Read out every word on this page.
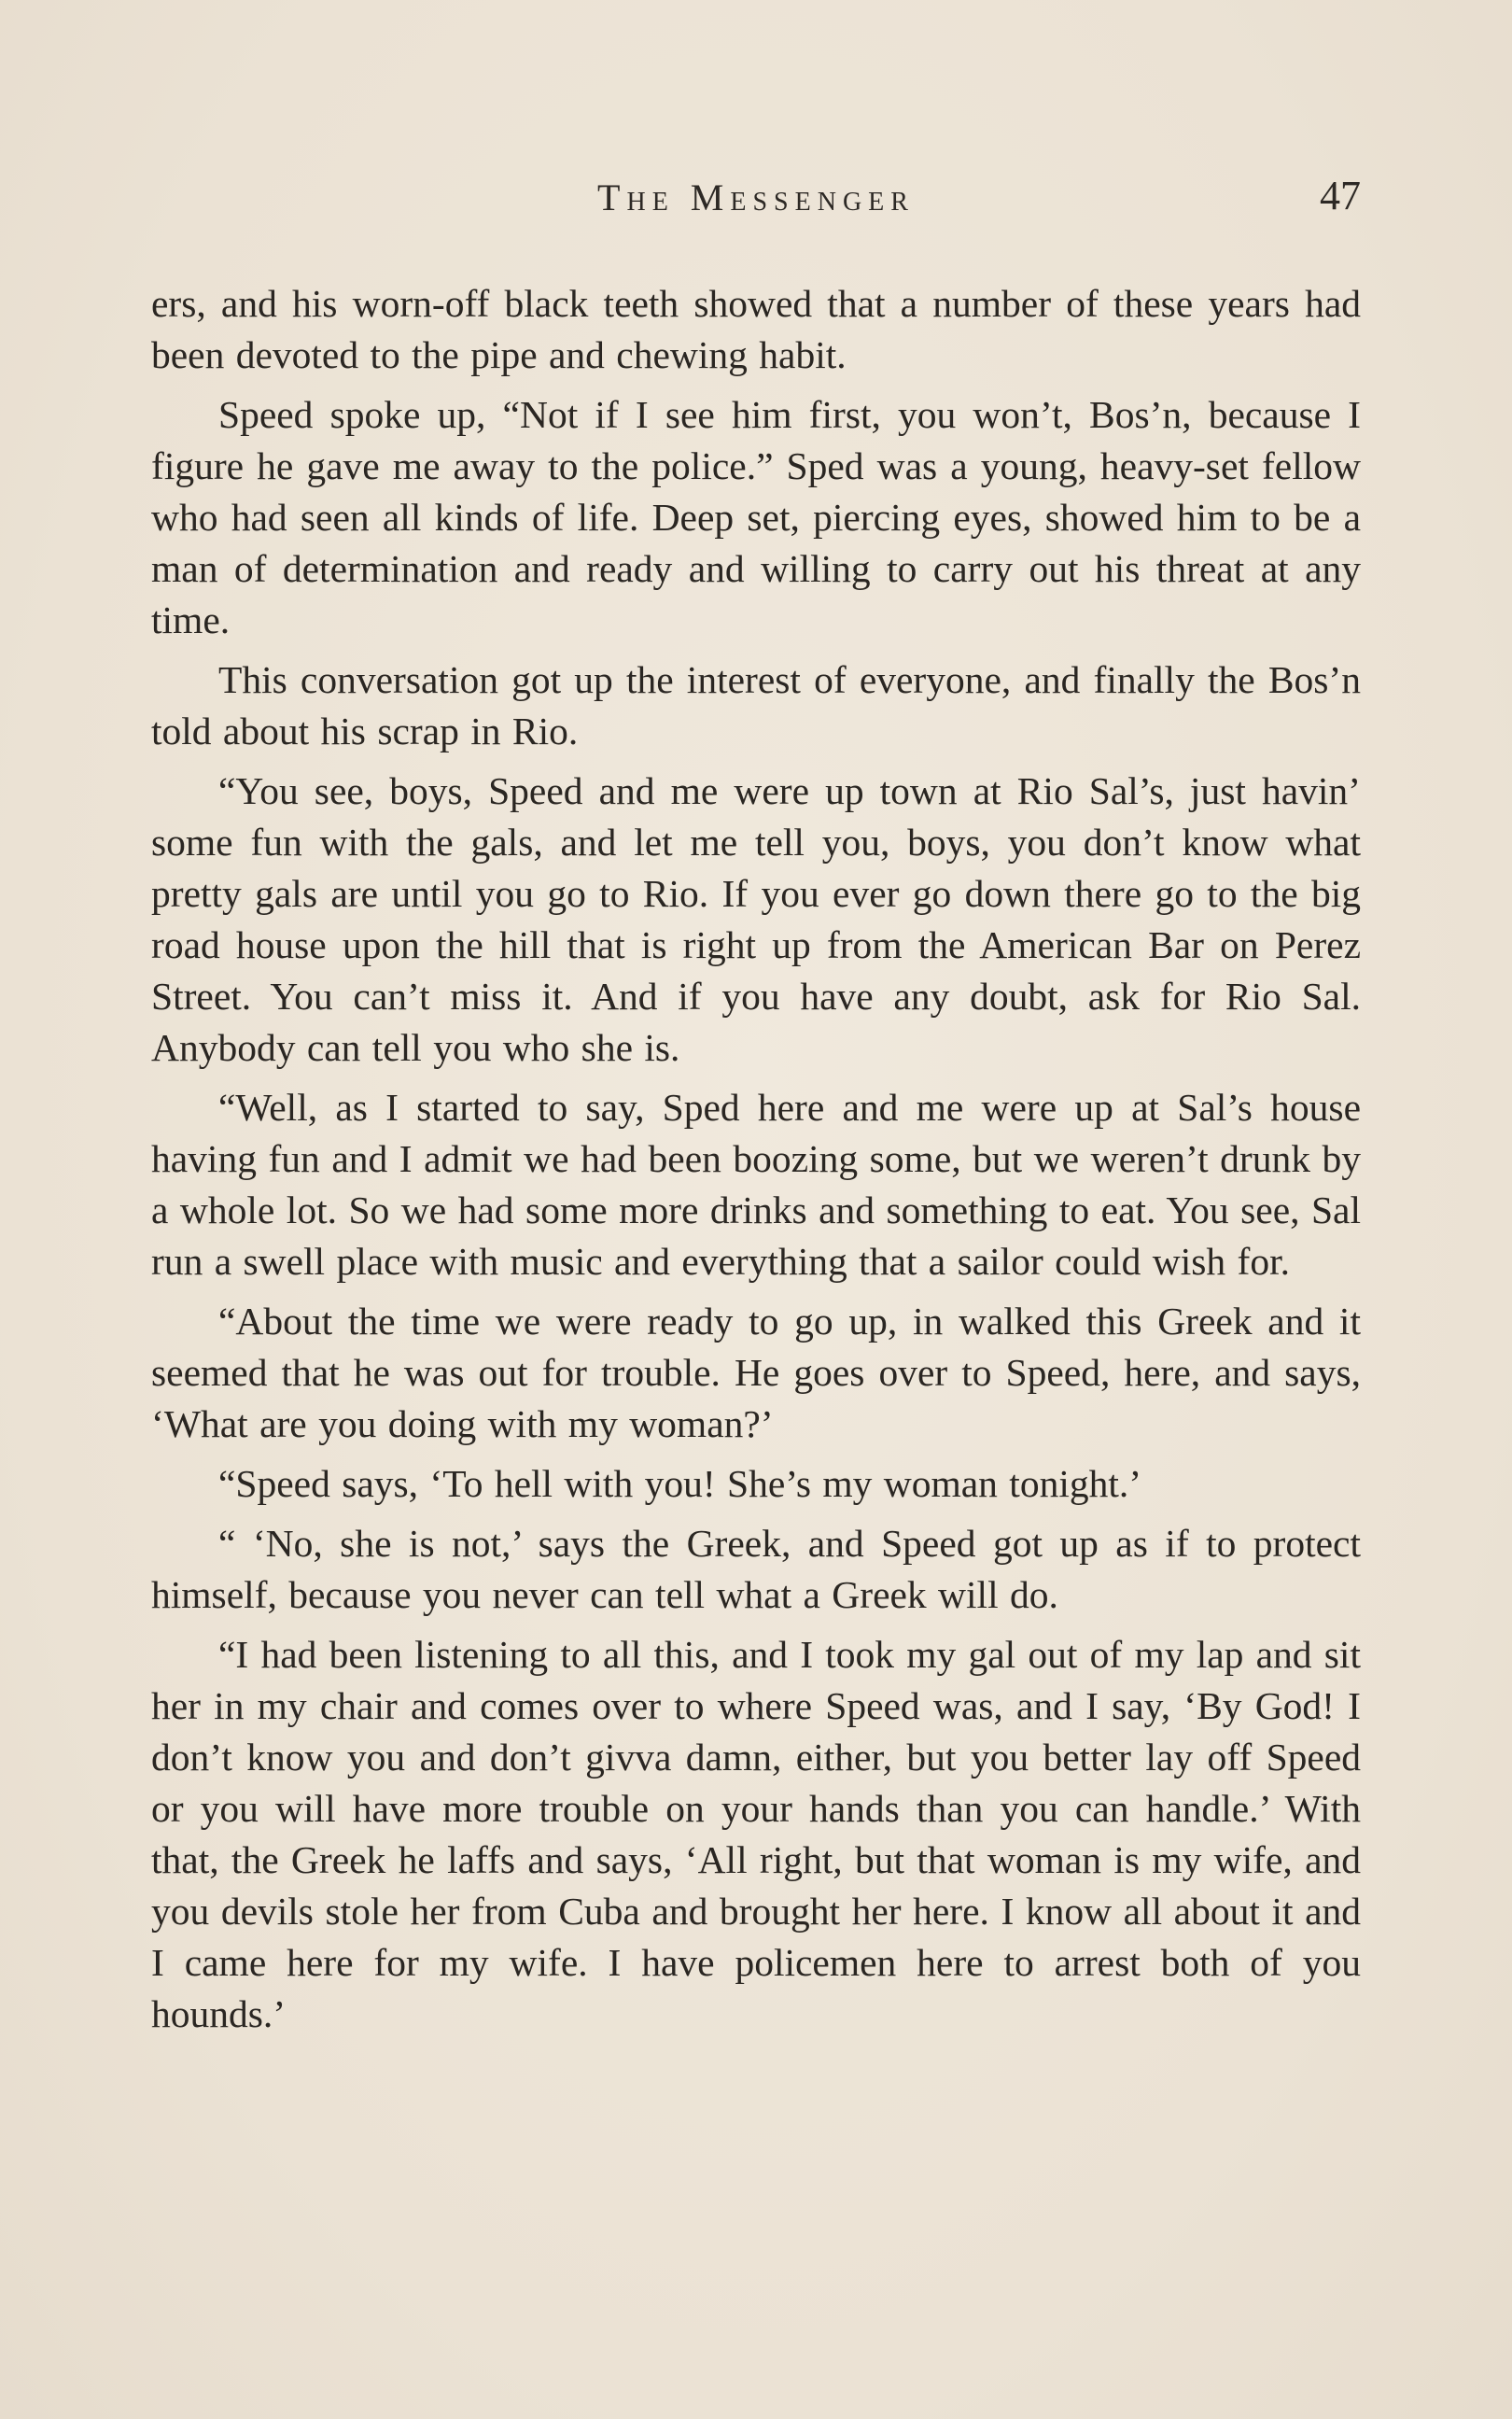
The Messenger	47

ers, and his worn-off black teeth showed that a number of these years had been devoted to the pipe and chewing habit.

Speed spoke up, “Not if I see him first, you won’t, Bos’n, because I figure he gave me away to the police.” Sped was a young, heavy-set fellow who had seen all kinds of life. Deep set, piercing eyes, showed him to be a man of determination and ready and willing to carry out his threat at any time.

This conversation got up the interest of everyone, and finally the Bos’n told about his scrap in Rio.

“You see, boys, Speed and me were up town at Rio Sal’s, just havin’ some fun with the gals, and let me tell you, boys, you don’t know what pretty gals are until you go to Rio. If you ever go down there go to the big road house upon the hill that is right up from the American Bar on Perez Street. You can’t miss it. And if you have any doubt, ask for Rio Sal. Anybody can tell you who she is.

“Well, as I started to say, Sped here and me were up at Sal’s house having fun and I admit we had been boozing some, but we weren’t drunk by a whole lot. So we had some more drinks and something to eat. You see, Sal run a swell place with music and everything that a sailor could wish for.

“About the time we were ready to go up, in walked this Greek and it seemed that he was out for trouble. He goes over to Speed, here, and says, ‘What are you doing with my woman?’

“Speed says, ‘To hell with you! She’s my woman tonight.’

“ ‘No, she is not,’ says the Greek, and Speed got up as if to protect himself, because you never can tell what a Greek will do.

“I had been listening to all this, and I took my gal out of my lap and sit her in my chair and comes over to where Speed was, and I say, ‘By God! I don’t know you and don’t givva damn, either, but you better lay off Speed or you will have more trouble on your hands than you can handle.’ With that, the Greek he laffs and says, ‘All right, but that woman is my wife, and you devils stole her from Cuba and brought her here. I know all about it and I came here for my wife. I have policemen here to arrest both of you hounds.’
